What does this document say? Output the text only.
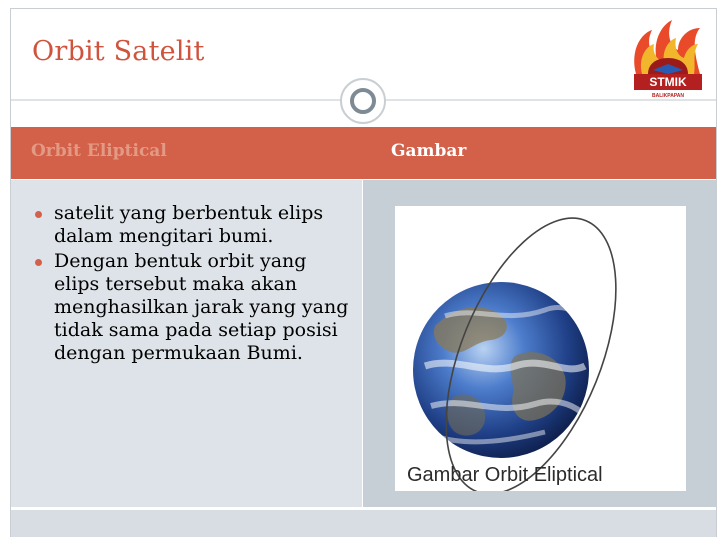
Orbit Satelit
STMIK
BALIKPAPAN
Orbit Eliptical	Gambar
satelit yang berbentuk elips dalam mengitari bumi.
Dengan bentuk orbit yang elips tersebut maka akan menghasilkan jarak yang yang tidak sama pada setiap posisi dengan permukaan Bumi.
Gambar Orbit Eliptical
